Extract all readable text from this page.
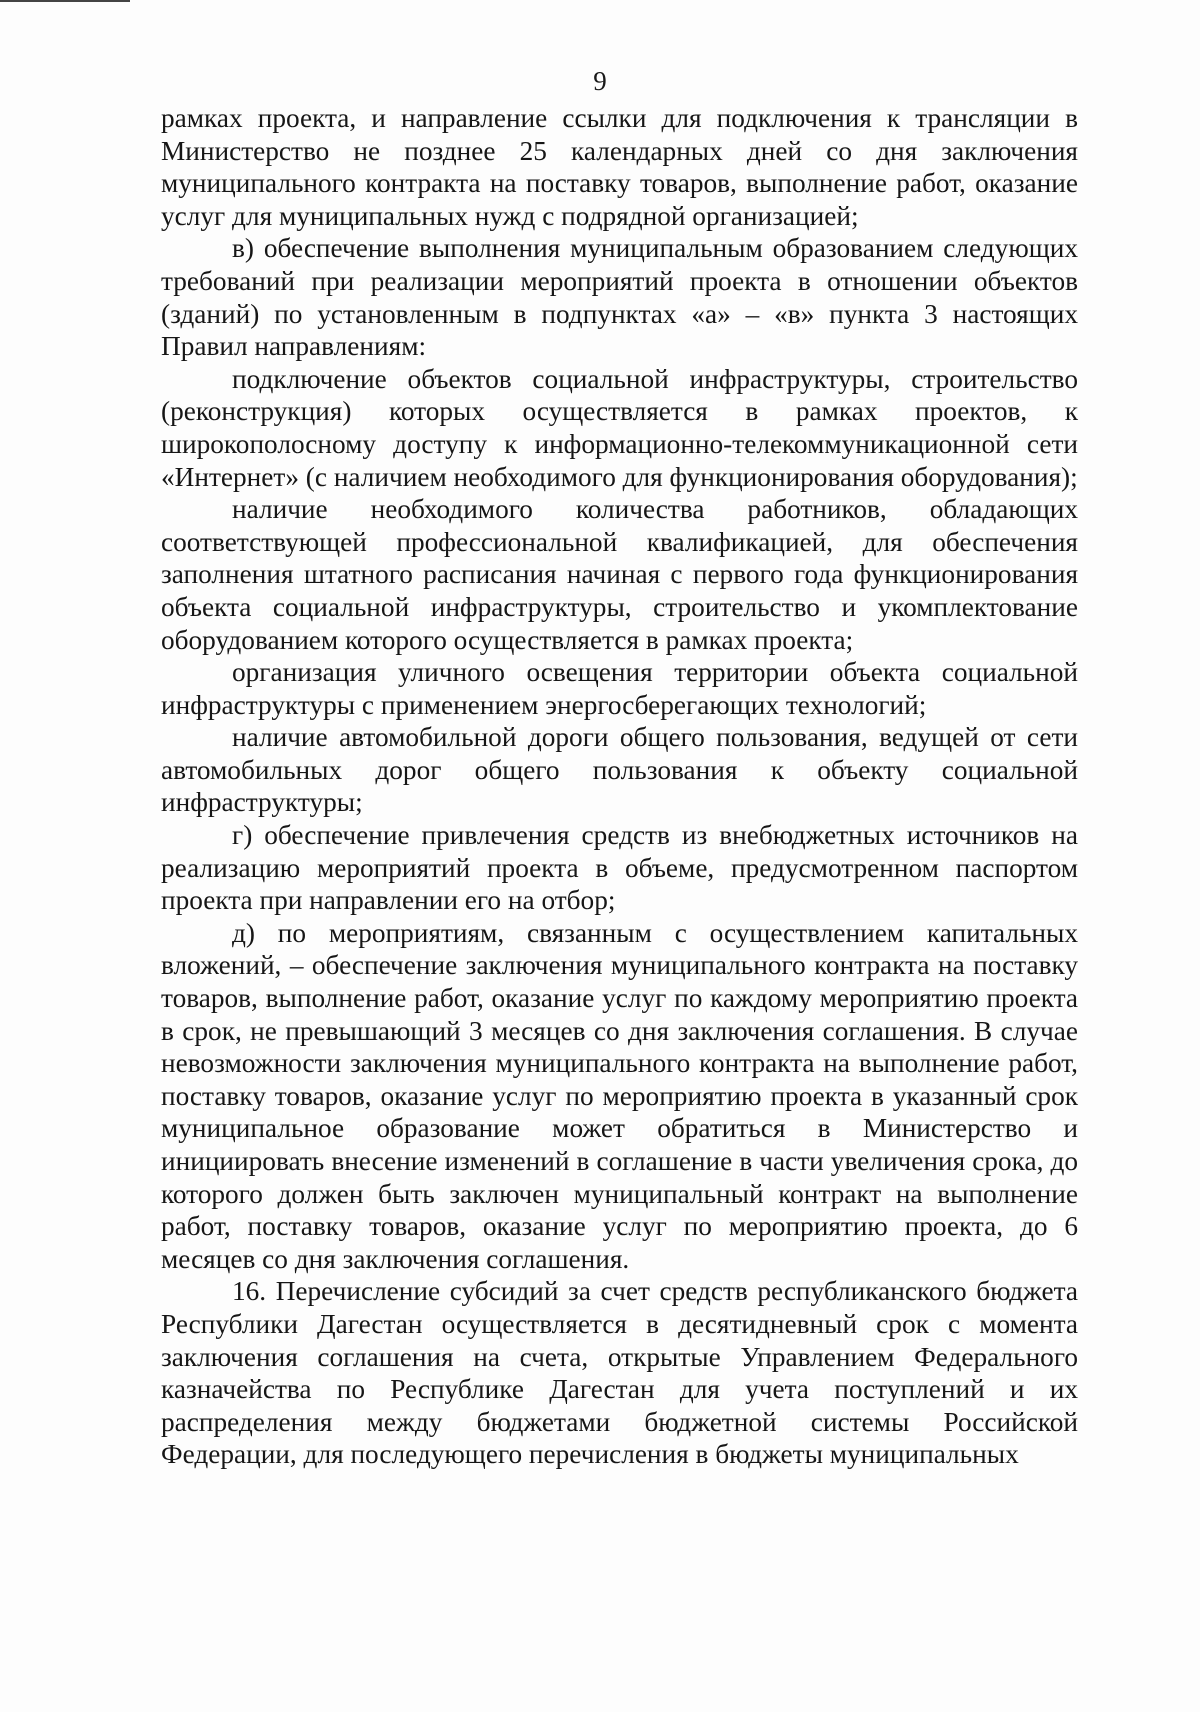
9

рамках проекта, и направление ссылки для подключения к трансляции в Министерство не позднее 25 календарных дней со дня заключения муниципального контракта на поставку товаров, выполнение работ, оказание услуг для муниципальных нужд с подрядной организацией;

в) обеспечение выполнения муниципальным образованием следующих требований при реализации мероприятий проекта в отношении объектов (зданий) по установленным в подпунктах «а» – «в» пункта 3 настоящих Правил направлениям:

подключение объектов социальной инфраструктуры, строительство (реконструкция) которых осуществляется в рамках проектов, к широкополосному доступу к информационно-телекоммуникационной сети «Интернет» (с наличием необходимого для функционирования оборудования);

наличие необходимого количества работников, обладающих соответствующей профессиональной квалификацией, для обеспечения заполнения штатного расписания начиная с первого года функционирования объекта социальной инфраструктуры, строительство и укомплектование оборудованием которого осуществляется в рамках проекта;

организация уличного освещения территории объекта социальной инфраструктуры с применением энергосберегающих технологий;

наличие автомобильной дороги общего пользования, ведущей от сети автомобильных дорог общего пользования к объекту социальной инфраструктуры;

г) обеспечение привлечения средств из внебюджетных источников на реализацию мероприятий проекта в объеме, предусмотренном паспортом проекта при направлении его на отбор;

д) по мероприятиям, связанным с осуществлением капитальных вложений, – обеспечение заключения муниципального контракта на поставку товаров, выполнение работ, оказание услуг по каждому мероприятию проекта в срок, не превышающий 3 месяцев со дня заключения соглашения. В случае невозможности заключения муниципального контракта на выполнение работ, поставку товаров, оказание услуг по мероприятию проекта в указанный срок муниципальное образование может обратиться в Министерство и инициировать внесение изменений в соглашение в части увеличения срока, до которого должен быть заключен муниципальный контракт на выполнение работ, поставку товаров, оказание услуг по мероприятию проекта, до 6 месяцев со дня заключения соглашения.

16. Перечисление субсидий за счет средств республиканского бюджета Республики Дагестан осуществляется в десятидневный срок с момента заключения соглашения на счета, открытые Управлением Федерального казначейства по Республике Дагестан для учета поступлений и их распределения между бюджетами бюджетной системы Российской Федерации, для последующего перечисления в бюджеты муниципальных
